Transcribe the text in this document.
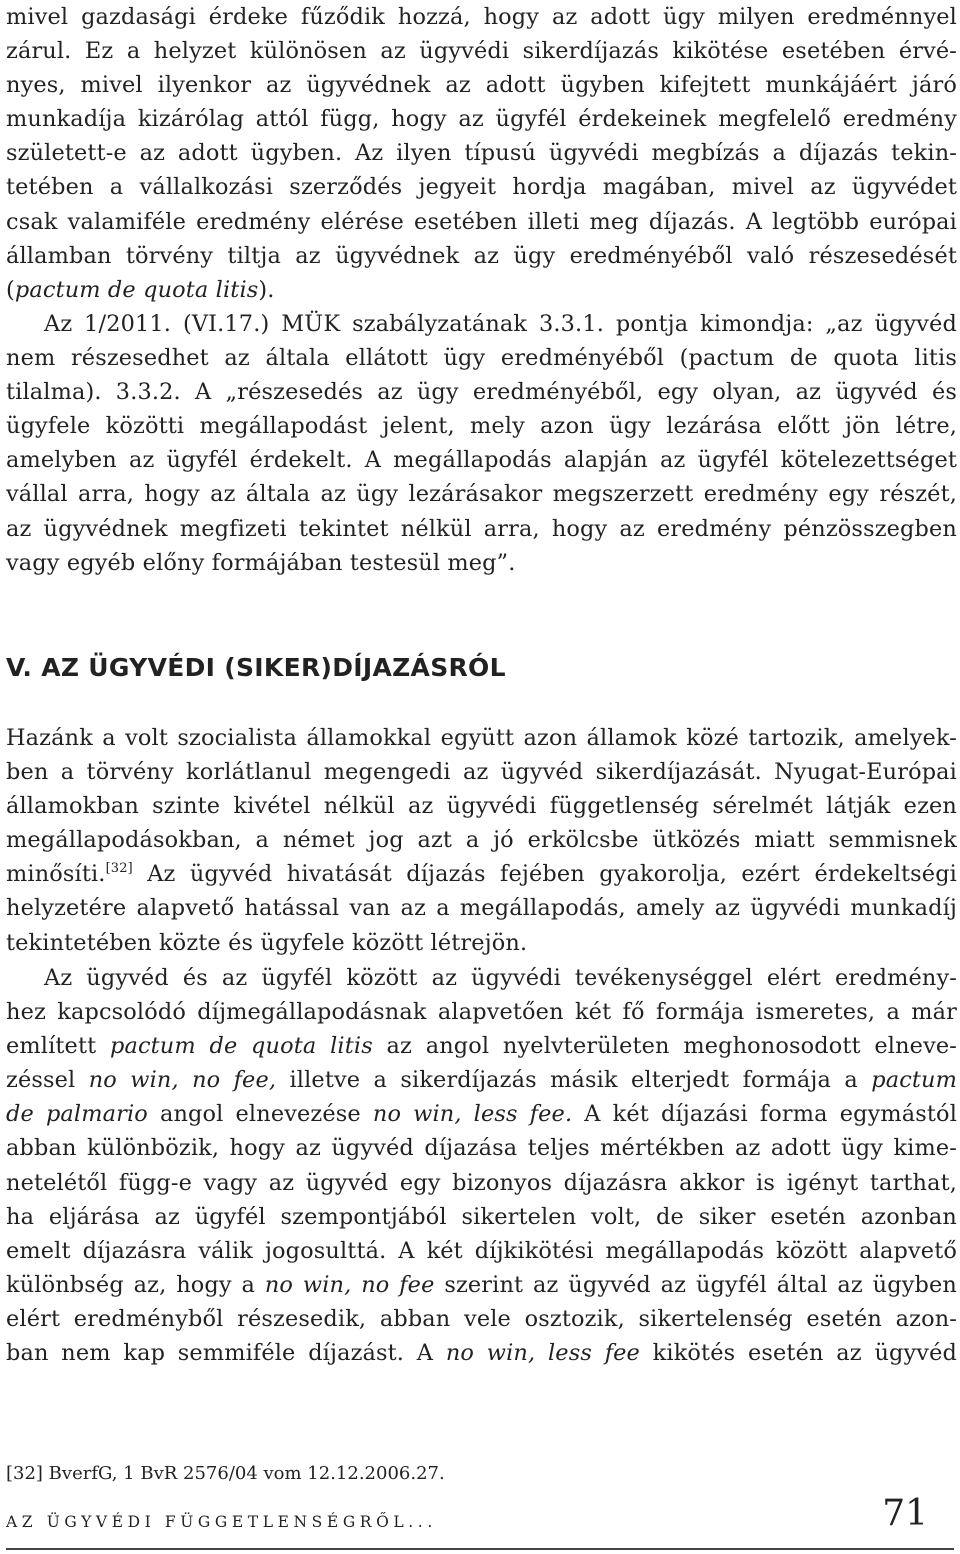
mivel gazdasági érdeke fűződik hozzá, hogy az adott ügy milyen eredménnyel
zárul. Ez a helyzet különösen az ügyvédi sikerdíjazás kikötése esetében érvé-
nyes, mivel ilyenkor az ügyvédnek az adott ügyben kifejtett munkájáért járó
munkadíja kizárólag attól függ, hogy az ügyfél érdekeinek megfelelő eredmény
született-e az adott ügyben. Az ilyen típusú ügyvédi megbízás a díjazás tekin-
tetében a vállalkozási szerződés jegyeit hordja magában, mivel az ügyvédet
csak valamiféle eredmény elérése esetében illeti meg díjazás. A legtöbb európai
államban törvény tiltja az ügyvédnek az ügy eredményéből való részesedését
(pactum de quota litis).
Az 1/2011. (VI.17.) MÜK szabályzatának 3.3.1. pontja kimondja: „az ügyvéd
nem részesedhet az általa ellátott ügy eredményéből (pactum de quota litis
tilalma). 3.3.2. A „részesedés az ügy eredményéből, egy olyan, az ügyvéd és
ügyfele közötti megállapodást jelent, mely azon ügy lezárása előtt jön létre,
amelyben az ügyfél érdekelt. A megállapodás alapján az ügyfél kötelezettséget
vállal arra, hogy az általa az ügy lezárásakor megszerzett eredmény egy részét,
az ügyvédnek megfizeti tekintet nélkül arra, hogy az eredmény pénzösszegben
vagy egyéb előny formájában testesül meg”.
V. AZ ÜGYVÉDI (SIKER)DÍJAZÁSRÓL
Hazánk a volt szocialista államokkal együtt azon államok közé tartozik, amelyek-
ben a törvény korlátlanul megengedi az ügyvéd sikerdíjazását. Nyugat-Európai
államokban szinte kivétel nélkül az ügyvédi függetlenség sérelmét látják ezen
megállapodásokban, a német jog azt a jó erkölcsbe ütközés miatt semmisnek
minősíti.[32] Az ügyvéd hivatását díjazás fejében gyakorolja, ezért érdekeltségi
helyzetére alapvető hatással van az a megállapodás, amely az ügyvédi munkadíj
tekintetében közte és ügyfele között létrejön.
Az ügyvéd és az ügyfél között az ügyvédi tevékenységgel elért eredmény-
hez kapcsolódó díjmegállapodásnak alapvetően két fő formája ismeretes, a már
említett pactum de quota litis az angol nyelvterületen meghonosodott elneve-
zéssel no win, no fee, illetve a sikerdíjazás másik elterjedt formája a pactum
de palmario angol elnevezése no win, less fee. A két díjazási forma egymástól
abban különbözik, hogy az ügyvéd díjazása teljes mértékben az adott ügy kime-
netelétől függ-e vagy az ügyvéd egy bizonyos díjazásra akkor is igényt tarthat,
ha eljárása az ügyfél szempontjából sikertelen volt, de siker esetén azonban
emelt díjazásra válik jogosulttá. A két díjkikötési megállapodás között alapvető
különbség az, hogy a no win, no fee szerint az ügyvéd az ügyfél által az ügyben
elért eredményből részesedik, abban vele osztozik, sikertelenség esetén azon-
ban nem kap semmiféle díjazást. A no win, less fee kikötés esetén az ügyvéd

[32] BverfG, 1 BvR 2576/04 vom 12.12.2006.27.

AZ ÜGYVÉDI FÜGGETLENSÉGRŐL...	71
